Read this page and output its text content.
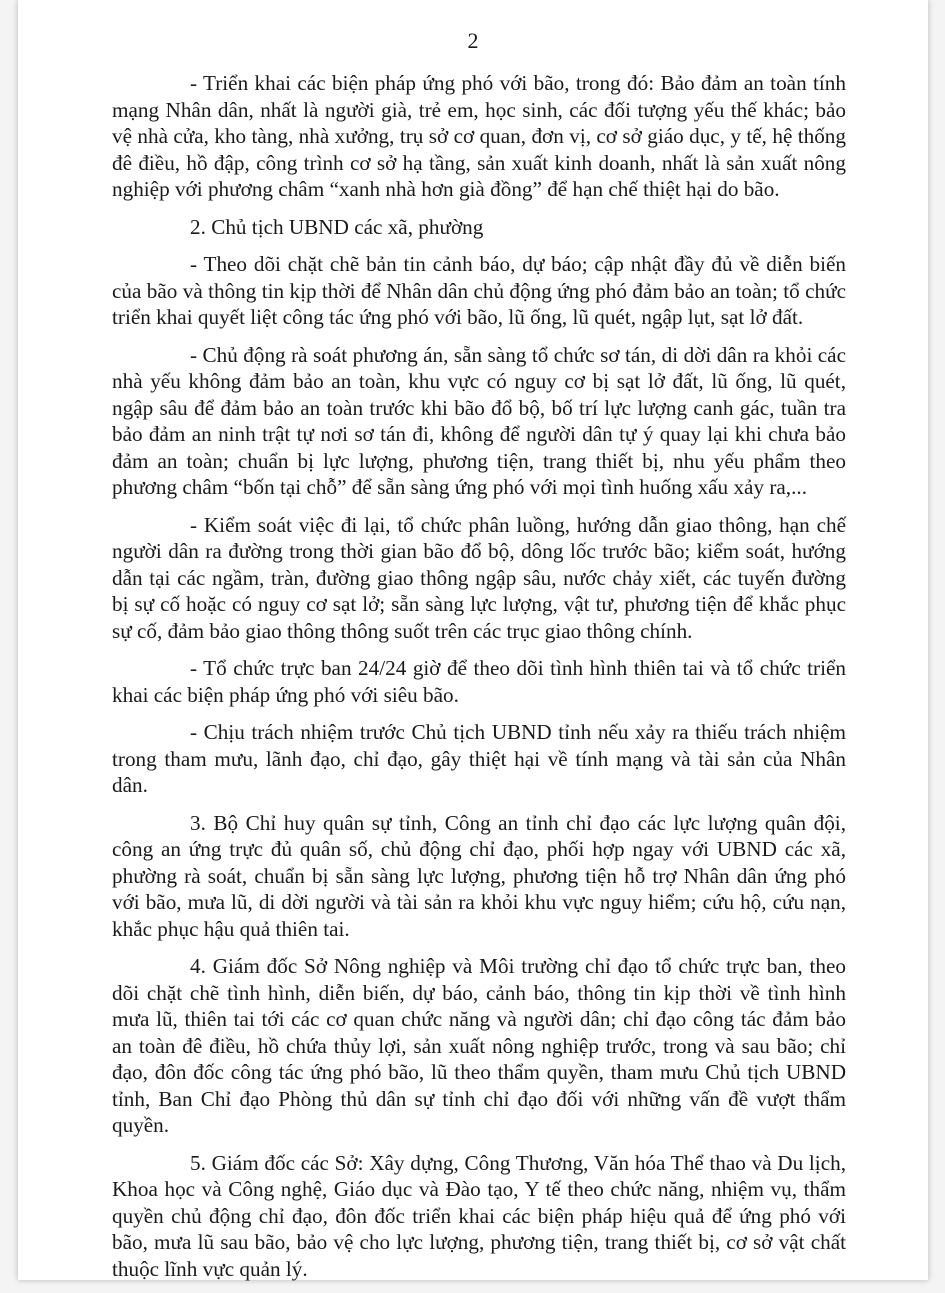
2

- Triển khai các biện pháp ứng phó với bão, trong đó: Bảo đảm an toàn tính mạng Nhân dân, nhất là người già, trẻ em, học sinh, các đối tượng yếu thế khác; bảo vệ nhà cửa, kho tàng, nhà xưởng, trụ sở cơ quan, đơn vị, cơ sở giáo dục, y tế, hệ thống đê điều, hồ đập, công trình cơ sở hạ tầng, sản xuất kinh doanh, nhất là sản xuất nông nghiệp với phương châm “xanh nhà hơn già đồng” để hạn chế thiệt hại do bão.

2. Chủ tịch UBND các xã, phường

- Theo dõi chặt chẽ bản tin cảnh báo, dự báo; cập nhật đầy đủ về diễn biến của bão và thông tin kịp thời để Nhân dân chủ động ứng phó đảm bảo an toàn; tổ chức triển khai quyết liệt công tác ứng phó với bão, lũ ống, lũ quét, ngập lụt, sạt lở đất.

- Chủ động rà soát phương án, sẵn sàng tổ chức sơ tán, di dời dân ra khỏi các nhà yếu không đảm bảo an toàn, khu vực có nguy cơ bị sạt lở đất, lũ ống, lũ quét, ngập sâu để đảm bảo an toàn trước khi bão đổ bộ, bố trí lực lượng canh gác, tuần tra bảo đảm an ninh trật tự nơi sơ tán đi, không để người dân tự ý quay lại khi chưa bảo đảm an toàn; chuẩn bị lực lượng, phương tiện, trang thiết bị, nhu yếu phẩm theo phương châm “bốn tại chỗ” để sẵn sàng ứng phó với mọi tình huống xấu xảy ra,...

- Kiểm soát việc đi lại, tổ chức phân luồng, hướng dẫn giao thông, hạn chế người dân ra đường trong thời gian bão đổ bộ, dông lốc trước bão; kiểm soát, hướng dẫn tại các ngầm, tràn, đường giao thông ngập sâu, nước chảy xiết, các tuyến đường bị sự cố hoặc có nguy cơ sạt lở; sẵn sàng lực lượng, vật tư, phương tiện để khắc phục sự cố, đảm bảo giao thông thông suốt trên các trục giao thông chính.

- Tổ chức trực ban 24/24 giờ để theo dõi tình hình thiên tai và tổ chức triển khai các biện pháp ứng phó với siêu bão.

- Chịu trách nhiệm trước Chủ tịch UBND tỉnh nếu xảy ra thiếu trách nhiệm trong tham mưu, lãnh đạo, chỉ đạo, gây thiệt hại về tính mạng và tài sản của Nhân dân.

3. Bộ Chỉ huy quân sự tỉnh, Công an tỉnh chỉ đạo các lực lượng quân đội, công an ứng trực đủ quân số, chủ động chỉ đạo, phối hợp ngay với UBND các xã, phường rà soát, chuẩn bị sẵn sàng lực lượng, phương tiện hỗ trợ Nhân dân ứng phó với bão, mưa lũ, di dời người và tài sản ra khỏi khu vực nguy hiểm; cứu hộ, cứu nạn, khắc phục hậu quả thiên tai.

4. Giám đốc Sở Nông nghiệp và Môi trường chỉ đạo tổ chức trực ban, theo dõi chặt chẽ tình hình, diễn biến, dự báo, cảnh báo, thông tin kịp thời về tình hình mưa lũ, thiên tai tới các cơ quan chức năng và người dân; chỉ đạo công tác đảm bảo an toàn đê điều, hồ chứa thủy lợi, sản xuất nông nghiệp trước, trong và sau bão; chỉ đạo, đôn đốc công tác ứng phó bão, lũ theo thẩm quyền, tham mưu Chủ tịch UBND tỉnh, Ban Chỉ đạo Phòng thủ dân sự tỉnh chỉ đạo đối với những vấn đề vượt thẩm quyền.

5. Giám đốc các Sở: Xây dựng, Công Thương, Văn hóa Thể thao và Du lịch, Khoa học và Công nghệ, Giáo dục và Đào tạo, Y tế theo chức năng, nhiệm vụ, thẩm quyền chủ động chỉ đạo, đôn đốc triển khai các biện pháp hiệu quả để ứng phó với bão, mưa lũ sau bão, bảo vệ cho lực lượng, phương tiện, trang thiết bị, cơ sở vật chất thuộc lĩnh vực quản lý.
